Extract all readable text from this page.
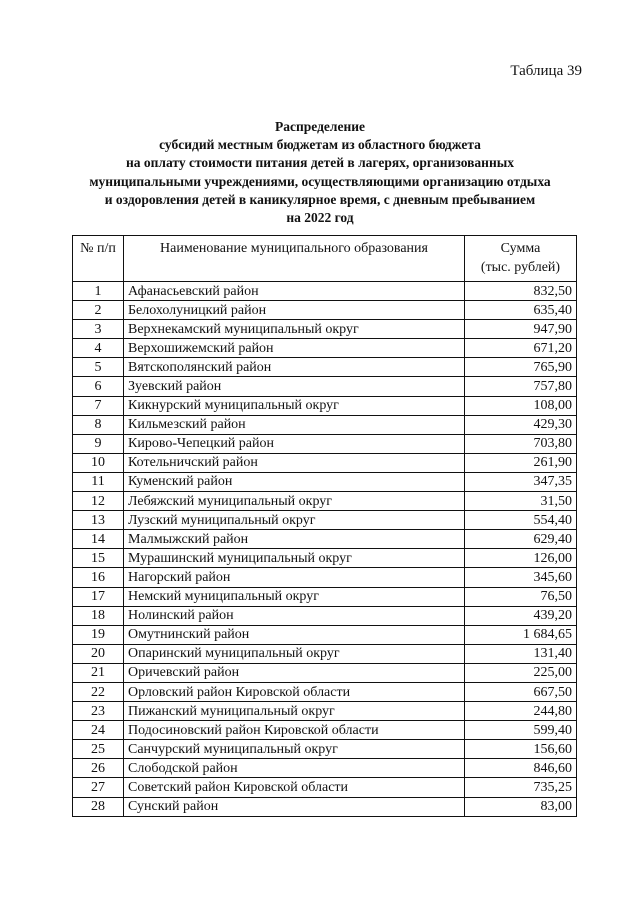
Таблица 39
Распределение
субсидий местным бюджетам из областного бюджета
на оплату стоимости питания детей в лагерях, организованных
муниципальными учреждениями, осуществляющими организацию отдыха
и оздоровления детей в каникулярное время, с дневным пребыванием
на 2022 год
№ п/п	Наименование муниципального образования	Сумма
(тыс. рублей)
1	Афанасьевский район	832,50
2	Белохолуницкий район	635,40
3	Верхнекамский муниципальный округ	947,90
4	Верхошижемский район	671,20
5	Вятскополянский район	765,90
6	Зуевский район	757,80
7	Кикнурский муниципальный округ	108,00
8	Кильмезский район	429,30
9	Кирово-Чепецкий район	703,80
10	Котельничский район	261,90
11	Куменский район	347,35
12	Лебяжский муниципальный округ	31,50
13	Лузский муниципальный округ	554,40
14	Малмыжский район	629,40
15	Мурашинский муниципальный округ	126,00
16	Нагорский район	345,60
17	Немский муниципальный округ	76,50
18	Нолинский район	439,20
19	Омутнинский район	1 684,65
20	Опаринский муниципальный округ	131,40
21	Оричевский район	225,00
22	Орловский район Кировской области	667,50
23	Пижанский муниципальный округ	244,80
24	Подосиновский район Кировской области	599,40
25	Санчурский муниципальный округ	156,60
26	Слободской район	846,60
27	Советский район Кировской области	735,25
28	Сунский район	83,00
